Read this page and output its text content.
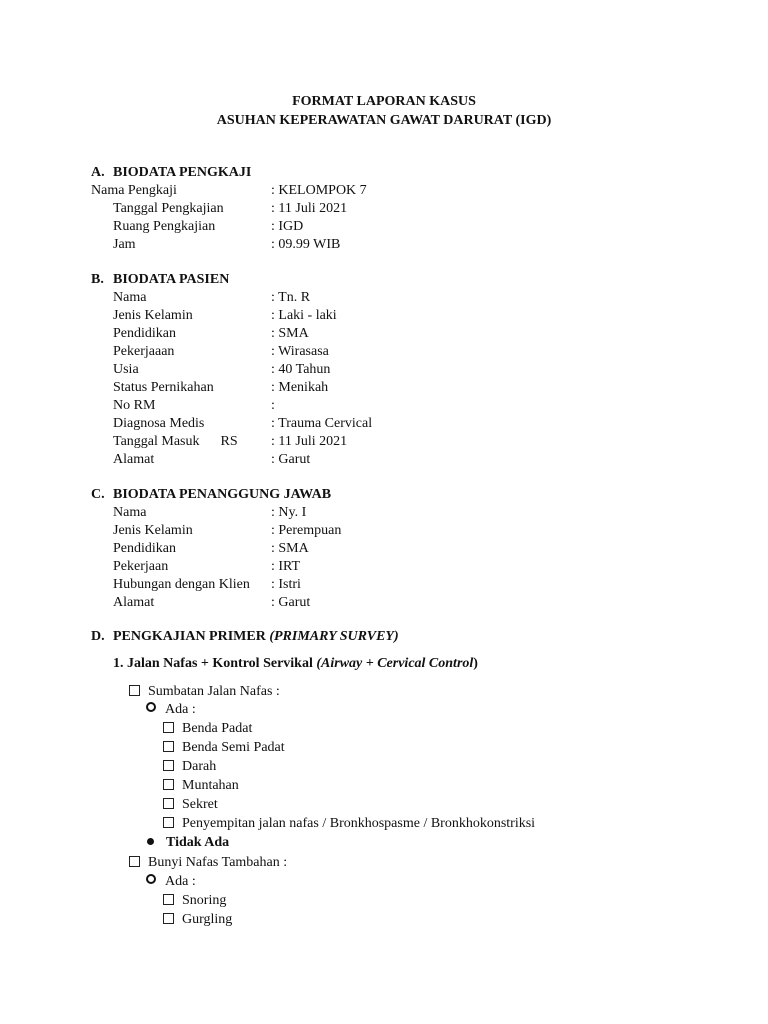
FORMAT LAPORAN KASUS
ASUHAN KEPERAWATAN GAWAT DARURAT (IGD)
A. BIODATA PENGKAJI
Nama Pengkaji	: KELOMPOK 7
Tanggal Pengkajian	: 11 Juli 2021
Ruang Pengkajian	: IGD
Jam	: 09.99 WIB
B. BIODATA PASIEN
Nama	: Tn. R
Jenis Kelamin	: Laki - laki
Pendidikan	: SMA
Pekerjaaan	: Wirasasa
Usia	: 40 Tahun
Status Pernikahan	: Menikah
No RM	:
Diagnosa Medis	: Trauma Cervical
Tanggal Masuk      RS : 11 Juli 2021
Alamat	: Garut
C. BIODATA PENANGGUNG JAWAB
Nama	: Ny. I
Jenis Kelamin	: Perempuan
Pendidikan	: SMA
Pekerjaan	: IRT
Hubungan dengan Klien : Istri
Alamat	: Garut
D. PENGKAJIAN PRIMER (PRIMARY SURVEY)
1. Jalan Nafas + Kontrol Servikal (Airway + Cervical Control)
Sumbatan Jalan Nafas :
Ada :
Benda Padat
Benda Semi Padat
Darah
Muntahan
Sekret
Penyempitan jalan nafas / Bronkhospasme / Bronkhokonstriksi
Tidak Ada
Bunyi Nafas Tambahan :
Ada :
Snoring
Gurgling
